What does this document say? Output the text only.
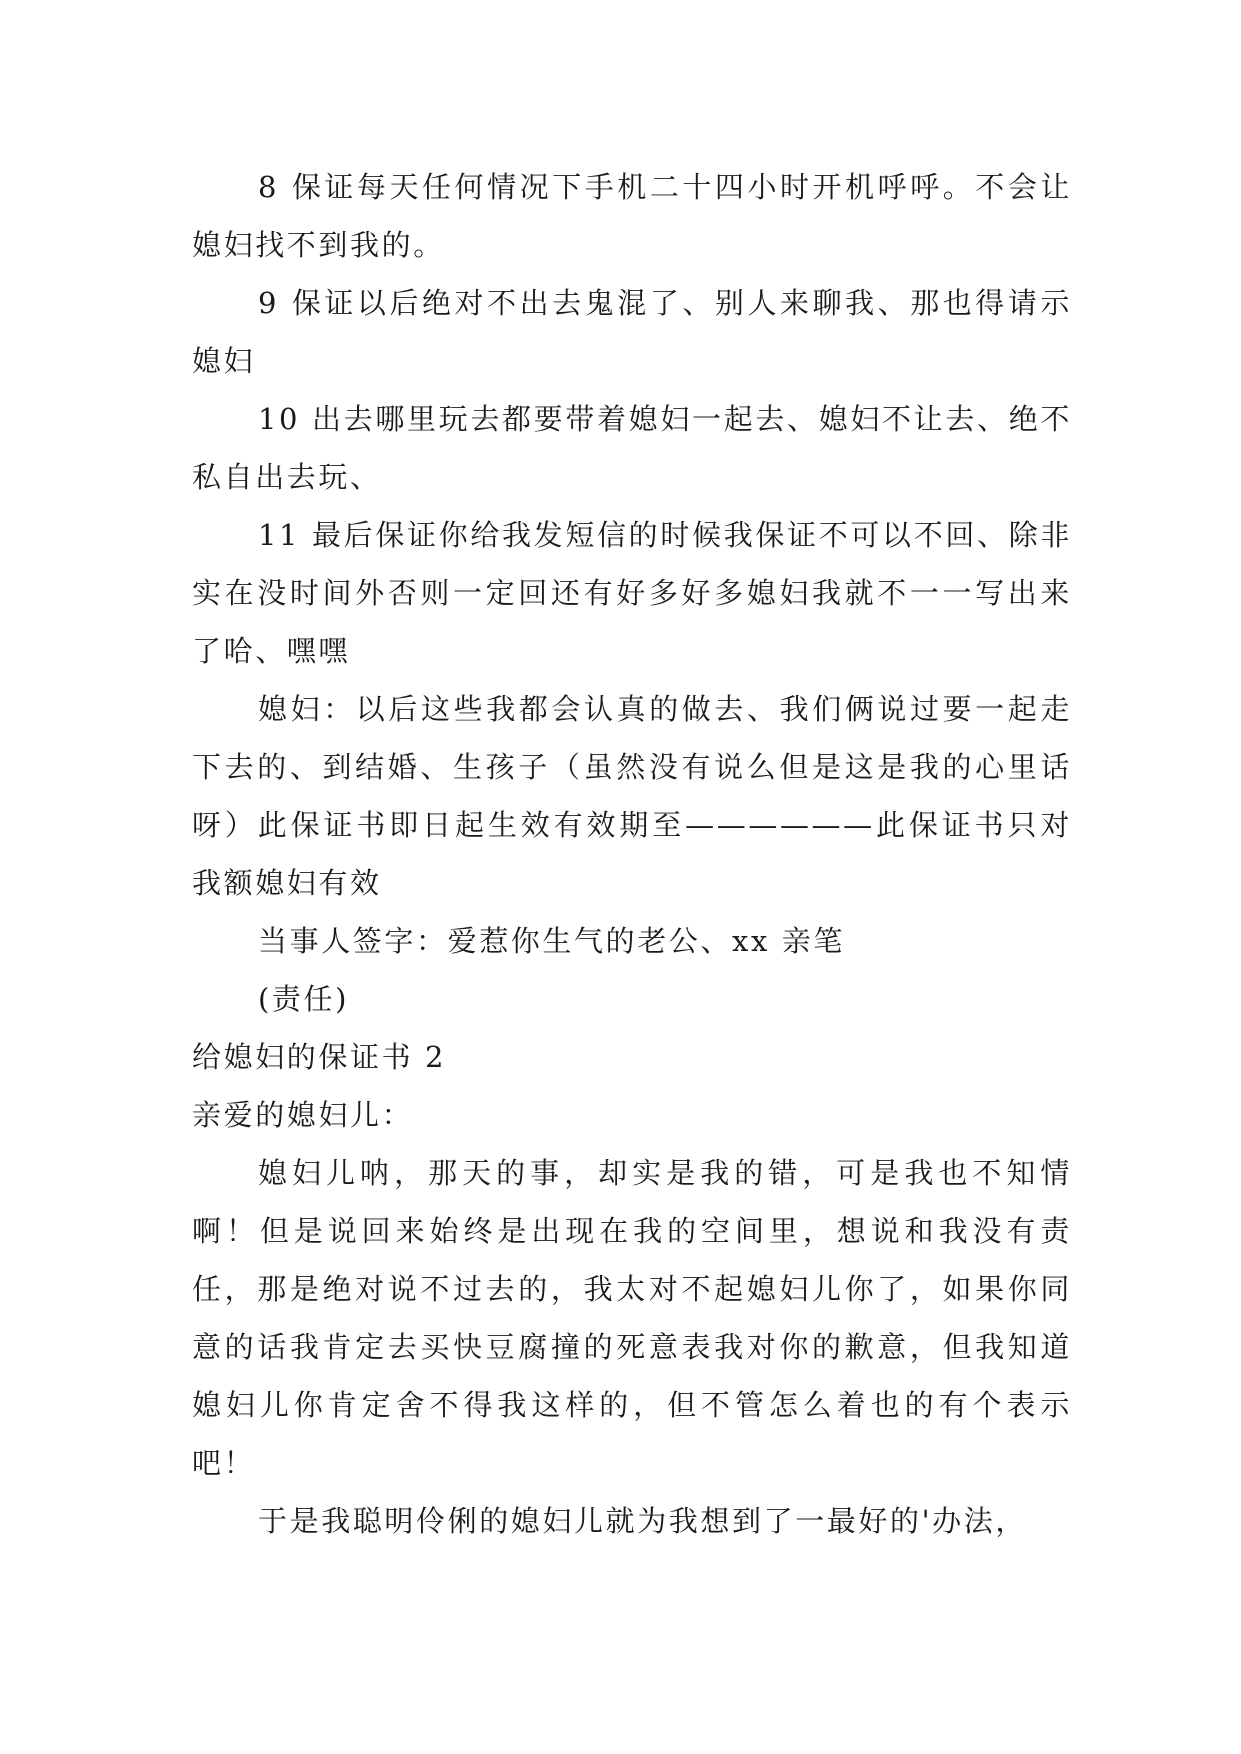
8 保证每天任何情况下手机二十四小时开机呼呼。不会让媳妇找不到我的。

9 保证以后绝对不出去鬼混了、别人来聊我、那也得请示媳妇

10 出去哪里玩去都要带着媳妇一起去、媳妇不让去、绝不私自出去玩、

11 最后保证你给我发短信的时候我保证不可以不回、除非实在没时间外否则一定回还有好多好多媳妇我就不一一写出来了哈、嘿嘿

媳妇：以后这些我都会认真的做去、我们俩说过要一起走下去的、到结婚、生孩子（虽然没有说么但是这是我的心里话呀）此保证书即日起生效有效期至——————此保证书只对我额媳妇有效

当事人签字：爱惹你生气的老公、xx 亲笔

(责任)

给媳妇的保证书 2

亲爱的媳妇儿：

媳妇儿呐，那天的事，却实是我的错，可是我也不知情啊！但是说回来始终是出现在我的空间里，想说和我没有责任，那是绝对说不过去的，我太对不起媳妇儿你了，如果你同意的话我肯定去买快豆腐撞的死意表我对你的歉意，但我知道媳妇儿你肯定舍不得我这样的，但不管怎么着也的有个表示吧！

于是我聪明伶俐的媳妇儿就为我想到了一最好的'办法，
